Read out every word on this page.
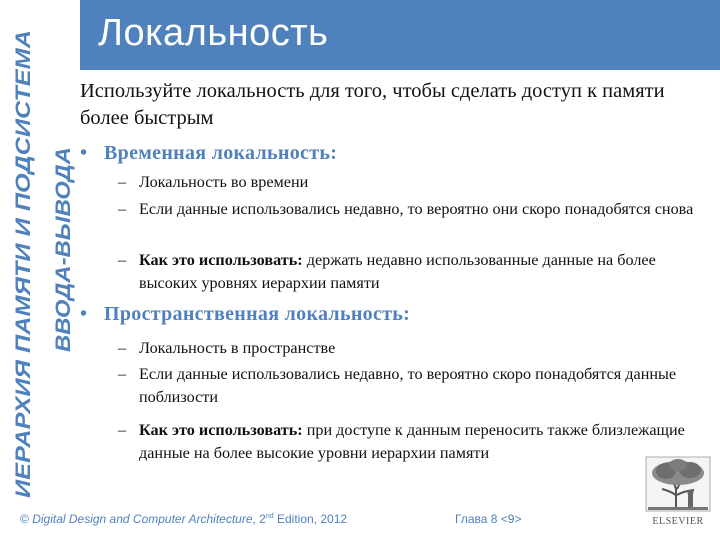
ИЕРАРХИЯ ПАМЯТИ И ПОДСИСТЕМА ВВОДА-ВЫВОДА
Локальность
Используйте локальность для того, чтобы сделать доступ к памяти более быстрым
• Временная локальность:
– Локальность во времени
– Если данные использовались недавно, то вероятно они скоро понадобятся снова
– Как это использовать: держать недавно использованные данные на более высоких уровнях иерархии памяти
• Пространственная локальность:
– Локальность в пространстве
– Если данные использовались недавно, то вероятно скоро понадобятся данные поблизости
– Как это использовать: при доступе к данным переносить также близлежащие данные на более высокие уровни иерархии памяти
© Digital Design and Computer Architecture, 2nd Edition, 2012	Глава 8 <9>	ELSEVIER
